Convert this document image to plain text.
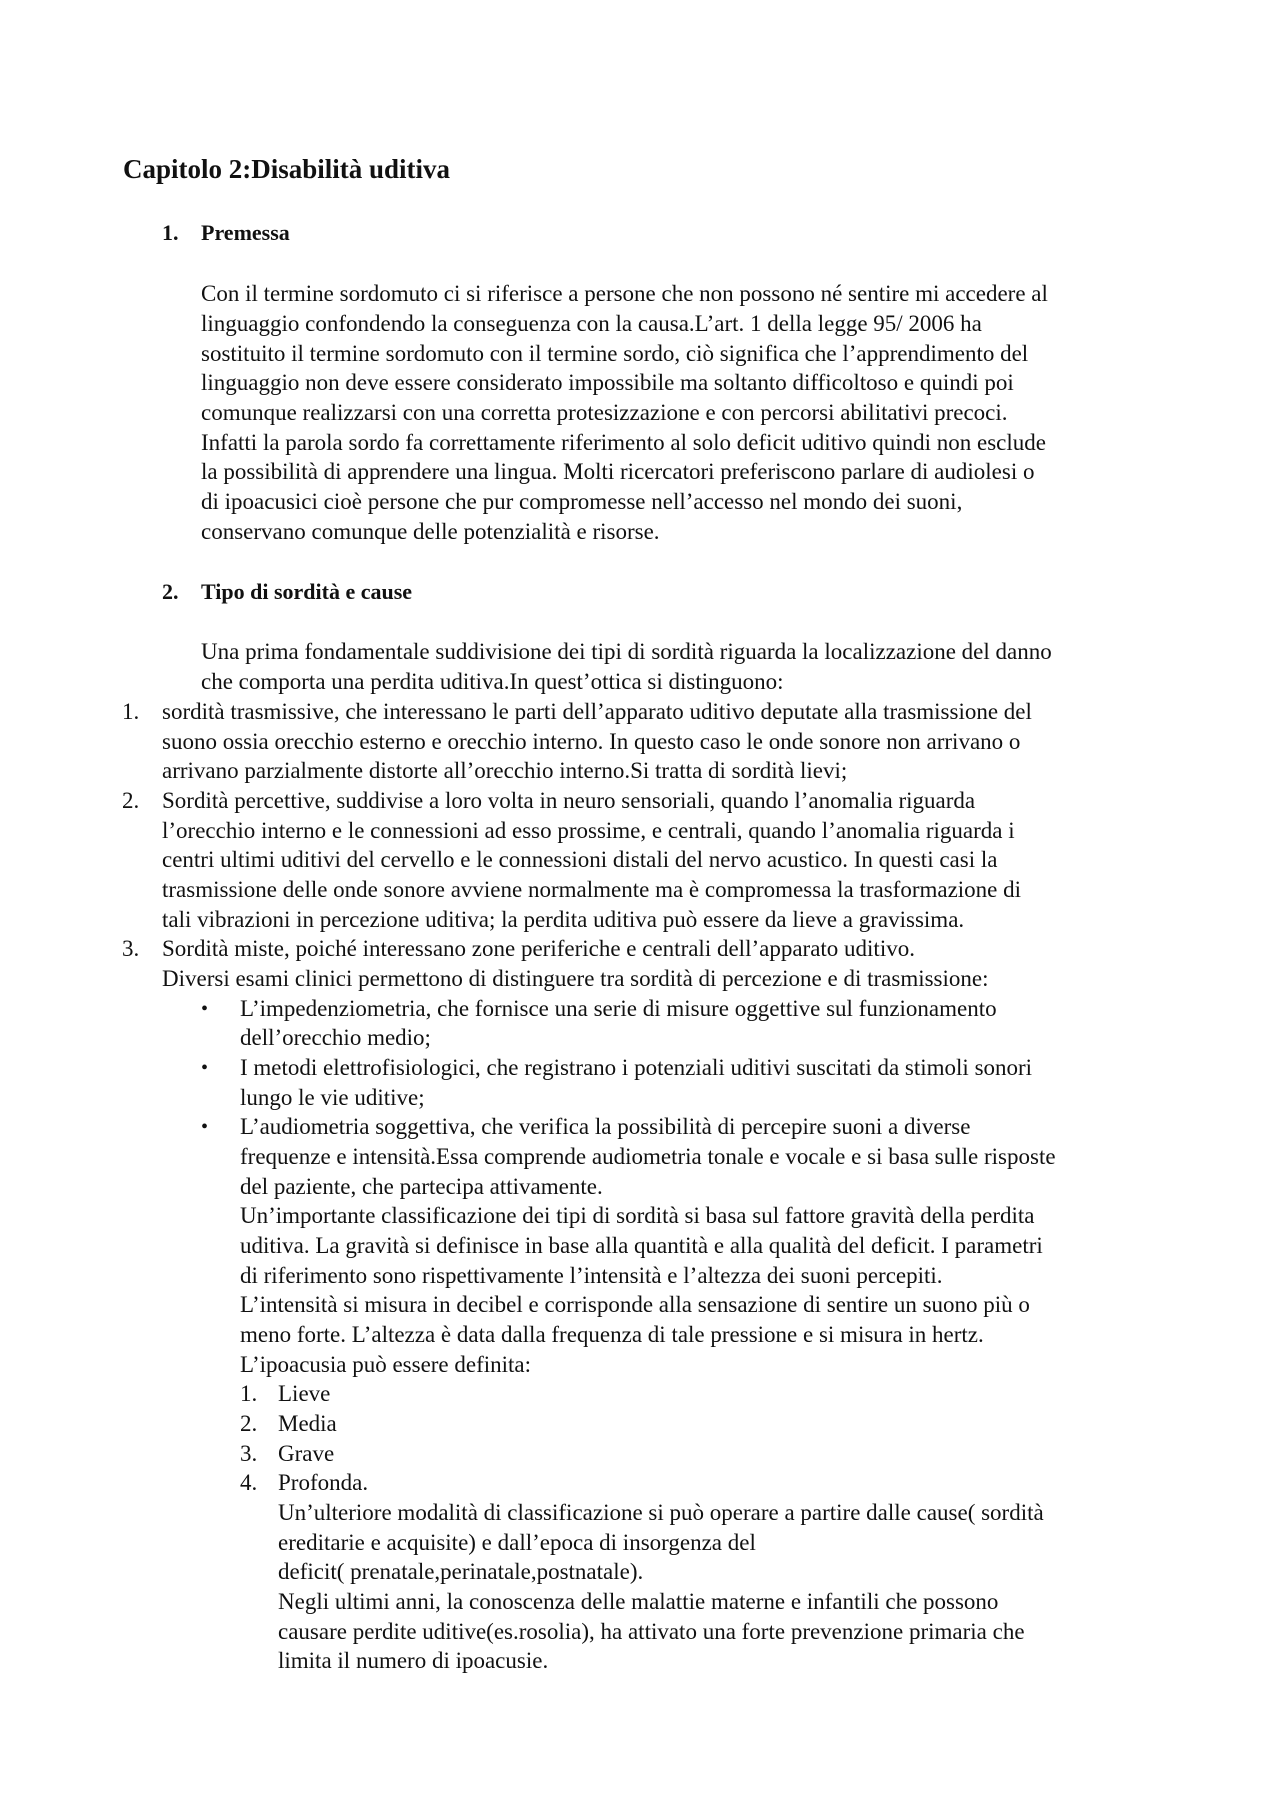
Capitolo 2:Disabilità uditiva
1. Premessa
Con il termine sordomuto ci si riferisce a persone che non possono né sentire mi accedere al
linguaggio confondendo la conseguenza con la causa.L’art. 1 della legge 95/ 2006 ha
sostituito il termine sordomuto con il termine sordo, ciò significa che l’apprendimento del
linguaggio non deve essere considerato impossibile ma soltanto difficoltoso e quindi poi
comunque realizzarsi con una corretta protesizzazione e con percorsi abilitativi precoci.
Infatti la parola sordo fa correttamente riferimento al solo deficit uditivo quindi non esclude
la possibilità di apprendere una lingua. Molti ricercatori preferiscono parlare di audiolesi o
di ipoacusici cioè persone che pur compromesse nell’accesso nel mondo dei suoni,
conservano comunque delle potenzialità e risorse.
2. Tipo di sordità e cause
Una prima fondamentale suddivisione dei tipi di sordità riguarda la localizzazione del danno
che comporta una perdita uditiva.In quest’ottica si distinguono:
1. sordità trasmissive, che interessano le parti dell’apparato uditivo deputate alla trasmissione del
suono ossia orecchio esterno e orecchio interno. In questo caso le onde sonore non arrivano o
arrivano parzialmente distorte all’orecchio interno.Si tratta di sordità lievi;
2. Sordità percettive, suddivise a loro volta in neuro sensoriali, quando l’anomalia riguarda
l’orecchio interno e le connessioni ad esso prossime, e centrali, quando l’anomalia riguarda i
centri ultimi uditivi del cervello e le connessioni distali del nervo acustico. In questi casi la
trasmissione delle onde sonore avviene normalmente ma è compromessa la trasformazione di
tali vibrazioni in percezione uditiva; la perdita uditiva può essere da lieve a gravissima.
3. Sordità miste, poiché interessano zone periferiche e centrali dell’apparato uditivo.
Diversi esami clinici permettono di distinguere tra sordità di percezione e di trasmissione:
• L’impedenziometria, che fornisce una serie di misure oggettive sul funzionamento
dell’orecchio medio;
• I metodi elettrofisiologici, che registrano i potenziali uditivi suscitati da stimoli sonori
lungo le vie uditive;
• L’audiometria soggettiva, che verifica la possibilità di percepire suoni a diverse
frequenze e intensità.Essa comprende audiometria tonale e vocale e si basa sulle risposte
del paziente, che partecipa attivamente.
Un’importante classificazione dei tipi di sordità si basa sul fattore gravità della perdita
uditiva. La gravità si definisce in base alla quantità e alla qualità del deficit. I parametri
di riferimento sono rispettivamente l’intensità e l’altezza dei suoni percepiti.
L’intensità si misura in decibel e corrisponde alla sensazione di sentire un suono più o
meno forte. L’altezza è data dalla frequenza di tale pressione e si misura in hertz.
L’ipoacusia può essere definita:
1. Lieve
2. Media
3. Grave
4. Profonda.
Un’ulteriore modalità di classificazione si può operare a partire dalle cause( sordità
ereditarie e acquisite) e dall’epoca di insorgenza del
deficit( prenatale,perinatale,postnatale).
Negli ultimi anni, la conoscenza delle malattie materne e infantili che possono
causare perdite uditive(es.rosolia), ha attivato una forte prevenzione primaria che
limita il numero di ipoacusie.
